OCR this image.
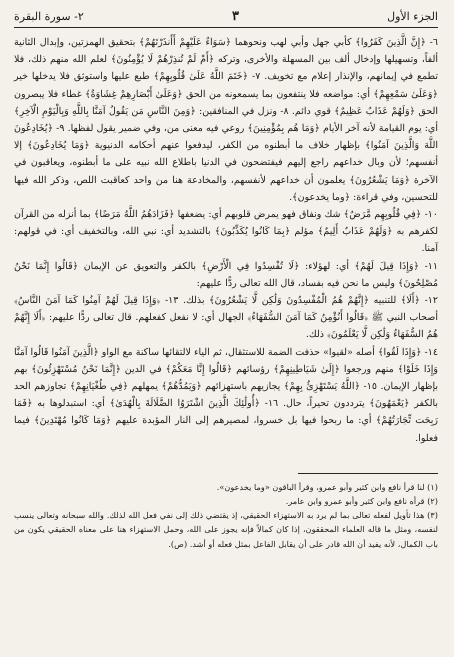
الجزء الأول
٣
٢- سورة البقرة

٦- ﴿إِنَّ الَّذِينَ كَفَرُوا﴾ كأبي جهل وأبي لهب ونحوهما ﴿سَوَاءٌ عَلَيْهِمْ أَأَنذَرْتَهُمْ﴾ بتحقيق الهمزتين، وإبدال الثانية ألفاً، وتسهيلها وإدخال ألف بين المسهلة والأخرى، وتركه ﴿أَمْ لَمْ تُنذِرْهُمْ لَا يُؤْمِنُونَ﴾ لعلم الله منهم ذلك، فلا تطمع في إيمانهم، والإنذار إعلام مع تخويف. ٧- ﴿خَتَمَ اللَّهُ عَلَىٰ قُلُوبِهِمْ﴾ طبع عليها واستوثق فلا يدخلها خير ﴿وَعَلَىٰ سَمْعِهِمْ﴾ أي: مواضعه فلا ينتفعون بما يسمعونه من الحق ﴿وَعَلَىٰ أَبْصَارِهِمْ غِشَاوَةٌ﴾ غطاء فلا يبصرون الحق ﴿وَلَهُمْ عَذَابٌ عَظِيمٌ﴾ قوي دائم. ٨- ونزل في المنافقين: ﴿وَمِنَ النَّاسِ مَن يَقُولُ آمَنَّا بِاللَّهِ وَبِالْيَوْمِ الْآخِرِ﴾ أي: يوم القيامة لأنه آخر الأيام ﴿وَمَا هُم بِمُؤْمِنِينَ﴾ روعي فيه معنى من، وفي ضمير يقول لفظها. ٩- ﴿يُخَادِعُونَ اللَّهَ وَالَّذِينَ آمَنُوا﴾ بإظهار خلاف ما أبطنوه من الكفر، ليدفعوا عنهم أحكامه الدنيوية ﴿وَمَا يُخَادِعُونَ﴾ إلا أنفسهم؛ لأن وبال خداعهم راجع إليهم فيفتضحون في الدنيا باطلاع الله نبيه على ما أبطنوه، ويعاقبون في الآخرة ﴿وَمَا يَشْعُرُونَ﴾ يعلمون أن خداعهم لأنفسهم، والمخادعة هنا من واحد كعاقبت اللص، وذكر الله فيها للتحسين، وفي قراءة: ﴿وما يخدعون﴾.

١٠- ﴿فِي قُلُوبِهِم مَّرَضٌ﴾ شك ونفاق فهو يمرض قلوبهم أي: يضعفها ﴿فَزَادَهُمُ اللَّهُ مَرَضًا﴾ بما أنزله من القرآن لكفرهم به ﴿وَلَهُمْ عَذَابٌ أَلِيمٌ﴾ مؤلم ﴿بِمَا كَانُوا يُكَذِّبُونَ﴾ بالتشديد أي: نبي الله، وبالتخفيف أي: في قولهم: آمنا.

١١- ﴿وَإِذَا قِيلَ لَهُمْ﴾ أي: لهؤلاء: ﴿لَا تُفْسِدُوا فِي الْأَرْضِ﴾ بالكفر والتعويق عن الإيمان ﴿قَالُوا إِنَّمَا نَحْنُ مُصْلِحُونَ﴾ وليس ما نحن فيه بفساد، قال الله تعالى ردًّا عليهم:

١٢- ﴿أَلَا﴾ للتنبيه ﴿إِنَّهُمْ هُمُ الْمُفْسِدُونَ وَلَٰكِن لَّا يَشْعُرُونَ﴾ بذلك. ١٣- ﴿وَإِذَا قِيلَ لَهُمْ آمِنُوا كَمَا آمَنَ النَّاسُ﴾ أصحاب النبي ﷺ ﴿قَالُوا أَنُؤْمِنُ كَمَا آمَنَ السُّفَهَاءُ﴾ الجهال أي: لا نفعل كفعلهم. قال تعالى ردًّا عليهم: ﴿أَلَا إِنَّهُمْ هُمُ السُّفَهَاءُ وَلَٰكِن لَّا يَعْلَمُونَ﴾ ذلك.

١٤- ﴿وَإِذَا لَقُوا﴾ أصله «لقيوا» حذفت الضمة للاستثقال، ثم الياء لالتقائها ساكنة مع الواو ﴿الَّذِينَ آمَنُوا قَالُوا آمَنَّا وَإِذَا خَلَوْا﴾ منهم ورجعوا ﴿إِلَىٰ شَيَاطِينِهِمْ﴾ رؤسائهم ﴿قَالُوا إِنَّا مَعَكُمْ﴾ في الدين ﴿إِنَّمَا نَحْنُ مُسْتَهْزِئُونَ﴾ بهم بإظهار الإيمان. ١٥- ﴿اللَّهُ يَسْتَهْزِئُ بِهِمْ﴾ يجازيهم باستهزائهم ﴿وَيَمُدُّهُمْ﴾ يمهلهم ﴿فِي طُغْيَانِهِمْ﴾ تجاوزهم الحد بالكفر ﴿يَعْمَهُونَ﴾ يترددون تحيراً، حال. ١٦- ﴿أُولَٰئِكَ الَّذِينَ اشْتَرَوُا الضَّلَالَةَ بِالْهُدَىٰ﴾ أي: استبدلوها به ﴿فَمَا رَبِحَت تِّجَارَتُهُمْ﴾ أي: ما ربحوا فيها بل خسروا، لمصيرهم إلى النار المؤبدة عليهم ﴿وَمَا كَانُوا مُهْتَدِينَ﴾ فيما فعلوا.

(١) لنا قرأ نافع وابن كثير وأبو عمرو، وقرأ الباقون «وما يخدعون».

(٢) قرأه نافع وابن كثير وأبو عمرو وابن عامر.

(٣) هذا تأويل لفعله تعالى بما لم يرد به الاستهزاء الحقيقي، إذ يقتضي ذلك إلى نفي فعل الله لذلك. والله سبحانه وتعالى ينسب لنفسه، ومثل ما قاله العلماء المحققون، إذا كان كمالاً فإنه يجوز على الله، وحمل الاستهزاء هنا على معناه الحقيقي يكون من باب الكمال، لأنه يفيد أن الله قادر على أن يقابل الفاعل بمثل فعله أو أشد. (ص).
